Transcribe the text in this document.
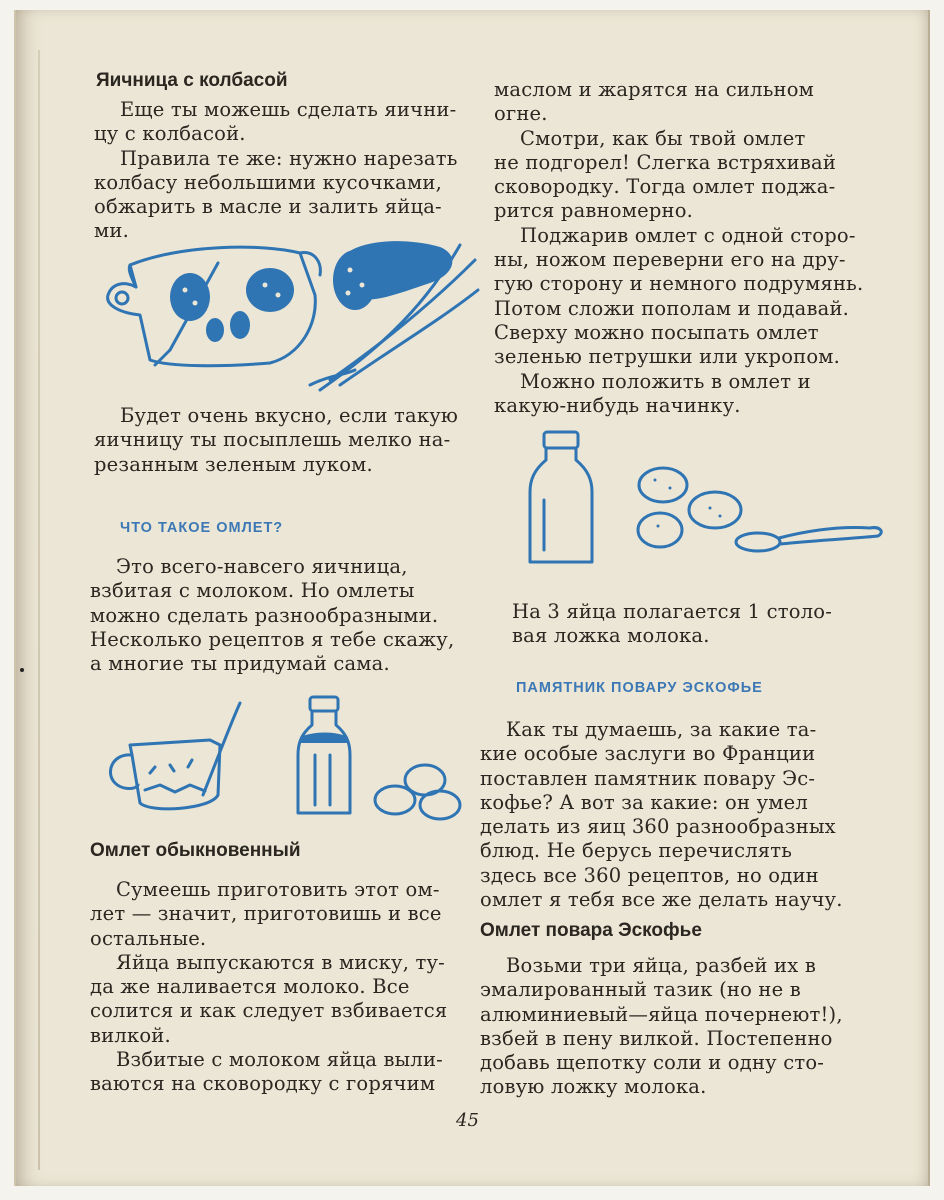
Яичница с колбасой

Еще ты можешь сделать яични-

цу с колбасой.

Правила те же: нужно нарезать

колбасу небольшими кусочками,

обжарить в масле и залить яйца-

ми.

Будет очень вкусно, если такую

яичницу ты посыплешь мелко на-

резанным зеленым луком.

ЧТО ТАКОЕ ОМЛЕТ?

Это всего-навсего яичница,

взбитая с молоком. Но омлеты

можно сделать разнообразными.

Несколько рецептов я тебе скажу,

а многие ты придумай сама.

Омлет обыкновенный

Сумеешь приготовить этот ом-

лет — значит, приготовишь и все

остальные.

Яйца выпускаются в миску, ту-

да же наливается молоко. Все

солится и как следует взбивается

вилкой.

Взбитые с молоком яйца выли-

ваются на сковородку с горячим

маслом и жарятся на сильном

огне.

Смотри, как бы твой омлет

не подгорел! Слегка встряхивай

сковородку. Тогда омлет поджа-

рится равномерно.

Поджарив омлет с одной сторо-

ны, ножом переверни его на дру-

гую сторону и немного подрумянь.

Потом сложи пополам и подавай.

Сверху можно посыпать омлет

зеленью петрушки или укропом.

Можно положить в омлет и

какую-нибудь начинку.

На 3 яйца полагается 1 столо-

вая ложка молока.

ПАМЯТНИК ПОВАРУ ЭСКОФЬЕ

Как ты думаешь, за какие та-

кие особые заслуги во Франции

поставлен памятник повару Эс-

кофье? А вот за какие: он умел

делать из яиц 360 разнообразных

блюд. Не берусь перечислять

здесь все 360 рецептов, но один

омлет я тебя все же делать научу.

Омлет повара Эскофье

Возьми три яйца, разбей их в

эмалированный тазик (но не в

алюминиевый—яйца почернеют!),

взбей в пену вилкой. Постепенно

добавь щепотку соли и одну сто-

ловую ложку молока.

45
